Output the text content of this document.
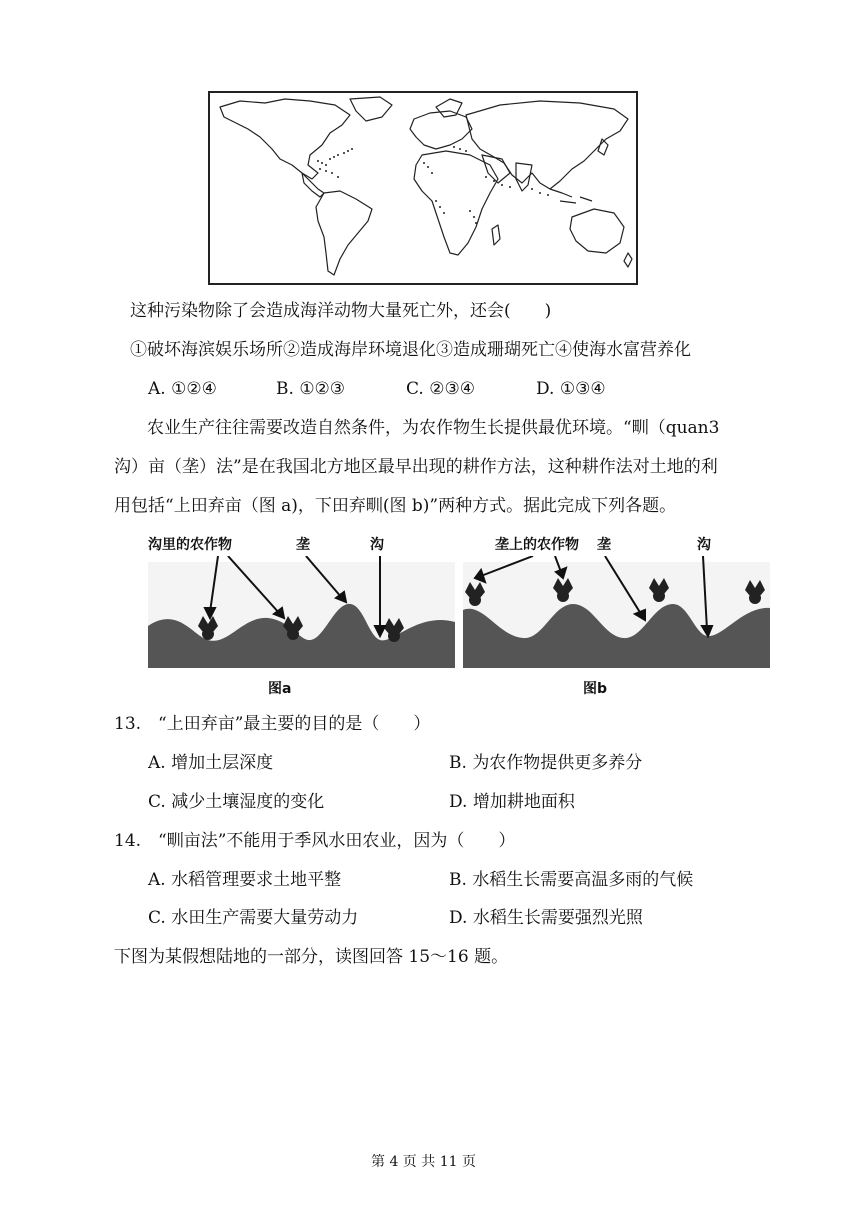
这种污染物除了会造成海洋动物大量死亡外，还会(　　)
①破坏海滨娱乐场所②造成海岸环境退化③造成珊瑚死亡④使海水富营养化
A. ①②④	B. ①②③	C. ②③④	D. ①③④
农业生产往往需要改造自然条件，为农作物生长提供最优环境。“甽（quan3
沟）亩（垄）法”是在我国北方地区最早出现的耕作方法，这种耕作法对土地的利
用包括“上田弃亩（图 a)，下田弃甽(图 b)”两种方式。据此完成下列各题。
沟里的农作物	垄	沟
图a
垄上的农作物 垄	沟
图b
13.　“上田弃亩”最主要的目的是（　　）
A. 增加土层深度	B. 为农作物提供更多养分
C. 减少土壤湿度的变化	D. 增加耕地面积
14.　“甽亩法”不能用于季风水田农业，因为（　　）
A. 水稻管理要求土地平整	B. 水稻生长需要高温多雨的气候
C. 水田生产需要大量劳动力	D. 水稻生长需要强烈光照
下图为某假想陆地的一部分，读图回答 15～16 题。
第 4 页 共 11 页
